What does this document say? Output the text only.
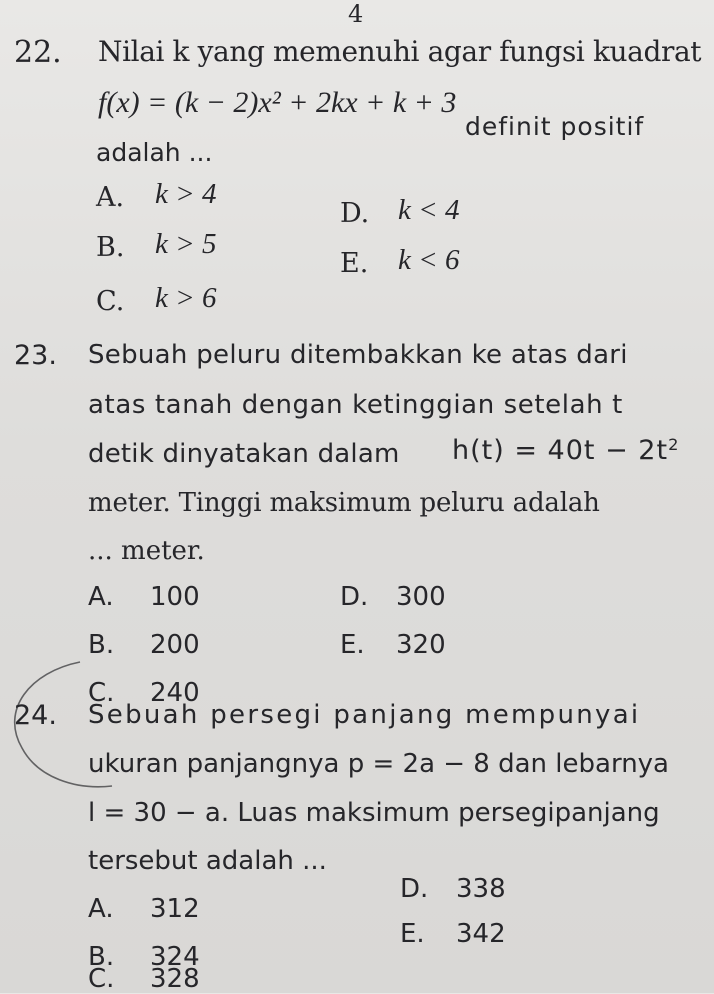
4
22. Nilai k yang memenuhi agar fungsi kuadrat
f(x) = (k − 2)x² + 2kx + k + 3
definit positif
adalah ...
A. k > 4
B. k > 5
C. k > 6
D. k < 4
E. k < 6
23. Sebuah peluru ditembakkan ke atas dari
atas tanah dengan ketinggian setelah t
detik dinyatakan dalam $h(t) = 40t - 2t^2$
meter. Tinggi maksimum peluru adalah
... meter.
A. 100
B. 200
C. 240
D. 300
E. 320
24. Sebuah persegi panjang mempunyai
ukuran panjangnya p = 2a − 8 dan lebarnya
l = 30 − a. Luas maksimum persegipanjang
tersebut adalah ...
A. 312
B. 324
C. 328
D. 338
E. 342
